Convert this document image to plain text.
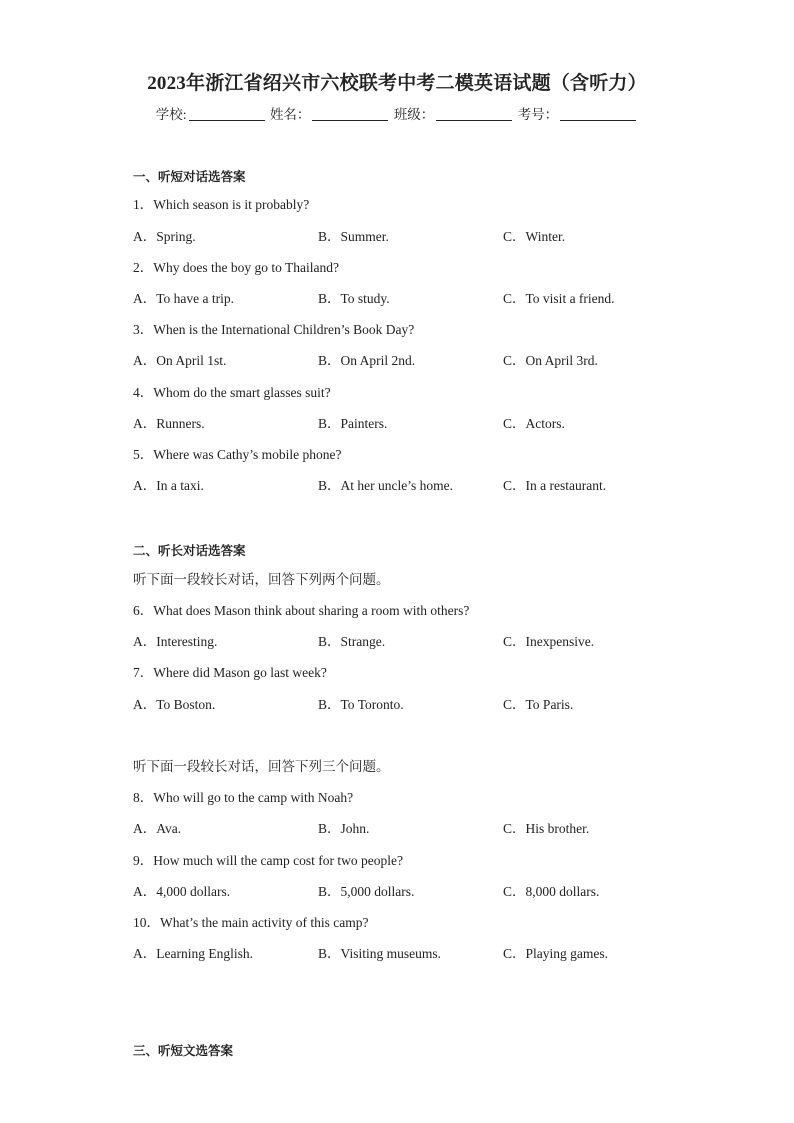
2023年浙江省绍兴市六校联考中考二模英语试题（含听力）
学校:	姓名：	班级：	考号：
一、听短对话选答案
1．Which season is it probably?
A．Spring.	B．Summer.	C．Winter.
2．Why does the boy go to Thailand?
A．To have a trip.	B．To study.	C．To visit a friend.
3．When is the International Children’s Book Day?
A．On April 1st.	B．On April 2nd.	C．On April 3rd.
4．Whom do the smart glasses suit?
A．Runners.	B．Painters.	C．Actors.
5．Where was Cathy’s mobile phone?
A．In a taxi.	B．At her uncle’s home.	C．In a restaurant.
二、听长对话选答案
听下面一段较长对话，回答下列两个问题。
6．What does Mason think about sharing a room with others?
A．Interesting.	B．Strange.	C．Inexpensive.
7．Where did Mason go last week?
A．To Boston.	B．To Toronto.	C．To Paris.
听下面一段较长对话，回答下列三个问题。
8．Who will go to the camp with Noah?
A．Ava.	B．John.	C．His brother.
9．How much will the camp cost for two people?
A．4,000 dollars.	B．5,000 dollars.	C．8,000 dollars.
10．What’s the main activity of this camp?
A．Learning English.	B．Visiting museums.	C．Playing games.
三、听短文选答案
